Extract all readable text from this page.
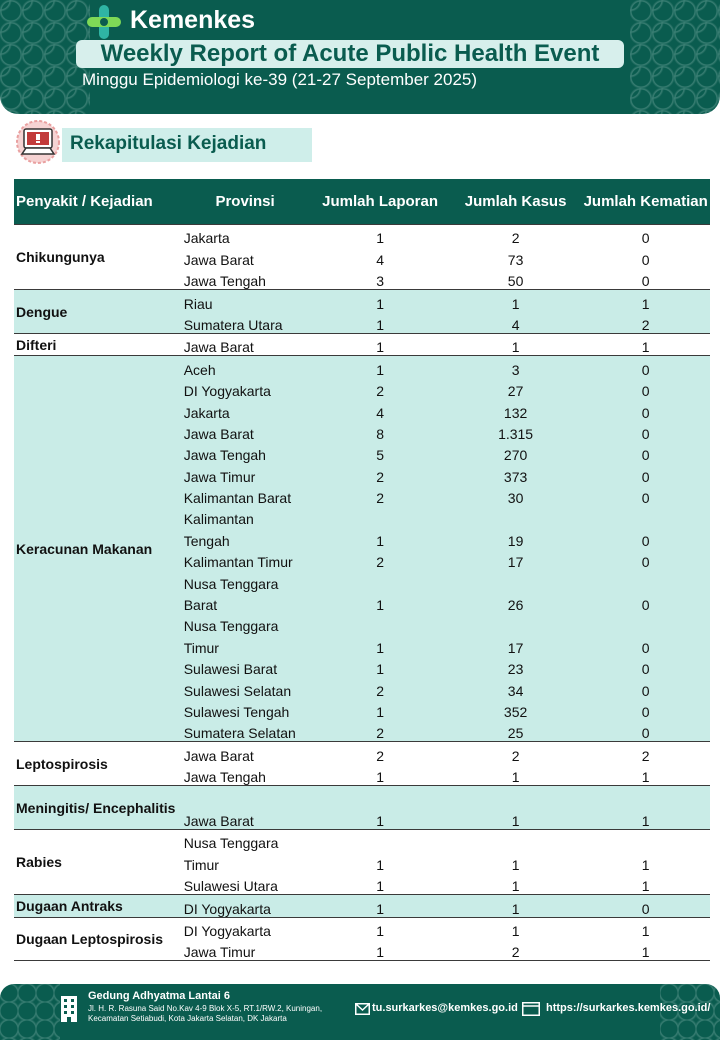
Kemenkes
Weekly Report of Acute Public Health Event
Minggu Epidemiologi ke-39 (21-27 September 2025)
Rekapitulasi Kejadian
Penyakit / Kejadian	Provinsi	Jumlah Laporan	Jumlah Kasus	Jumlah Kematian
Chikungunya	Jakarta	1	2	0
	Jawa Barat	4	73	0
	Jawa Tengah	3	50	0
Dengue	Riau	1	1	1
	Sumatera Utara	1	4	2
Difteri	Jawa Barat	1	1	1
Keracunan Makanan	Aceh	1	3	0
	DI Yogyakarta	2	27	0
	Jakarta	4	132	0
	Jawa Barat	8	1.315	0
	Jawa Tengah	5	270	0
	Jawa Timur	2	373	0
	Kalimantan Barat	2	30	0
	Kalimantan			
	Tengah	1	19	0
	Kalimantan Timur	2	17	0
	Nusa Tenggara			
	Barat	1	26	0
	Nusa Tenggara			
	Timur	1	17	0
	Sulawesi Barat	1	23	0
	Sulawesi Selatan	2	34	0
	Sulawesi Tengah	1	352	0
	Sumatera Selatan	2	25	0
Leptospirosis	Jawa Barat	2	2	2
	Jawa Tengah	1	1	1
Meningitis/ Encephalitis				
	Jawa Barat	1	1	1
Rabies	Nusa Tenggara			
	Timur	1	1	1
	Sulawesi Utara	1	1	1
Dugaan Antraks	DI Yogyakarta	1	1	0
Dugaan Leptospirosis	DI Yogyakarta	1	1	1
	Jawa Timur	1	2	1
Gedung Adhyatma Lantai 6
Jl. H. R. Rasuna Said No.Kav 4-9 Blok X-5, RT.1/RW.2, Kuningan, Kecamatan Setiabudi, Kota Jakarta Selatan, DK Jakarta
tu.surkarkes@kemkes.go.id	https://surkarkes.kemkes.go.id/
